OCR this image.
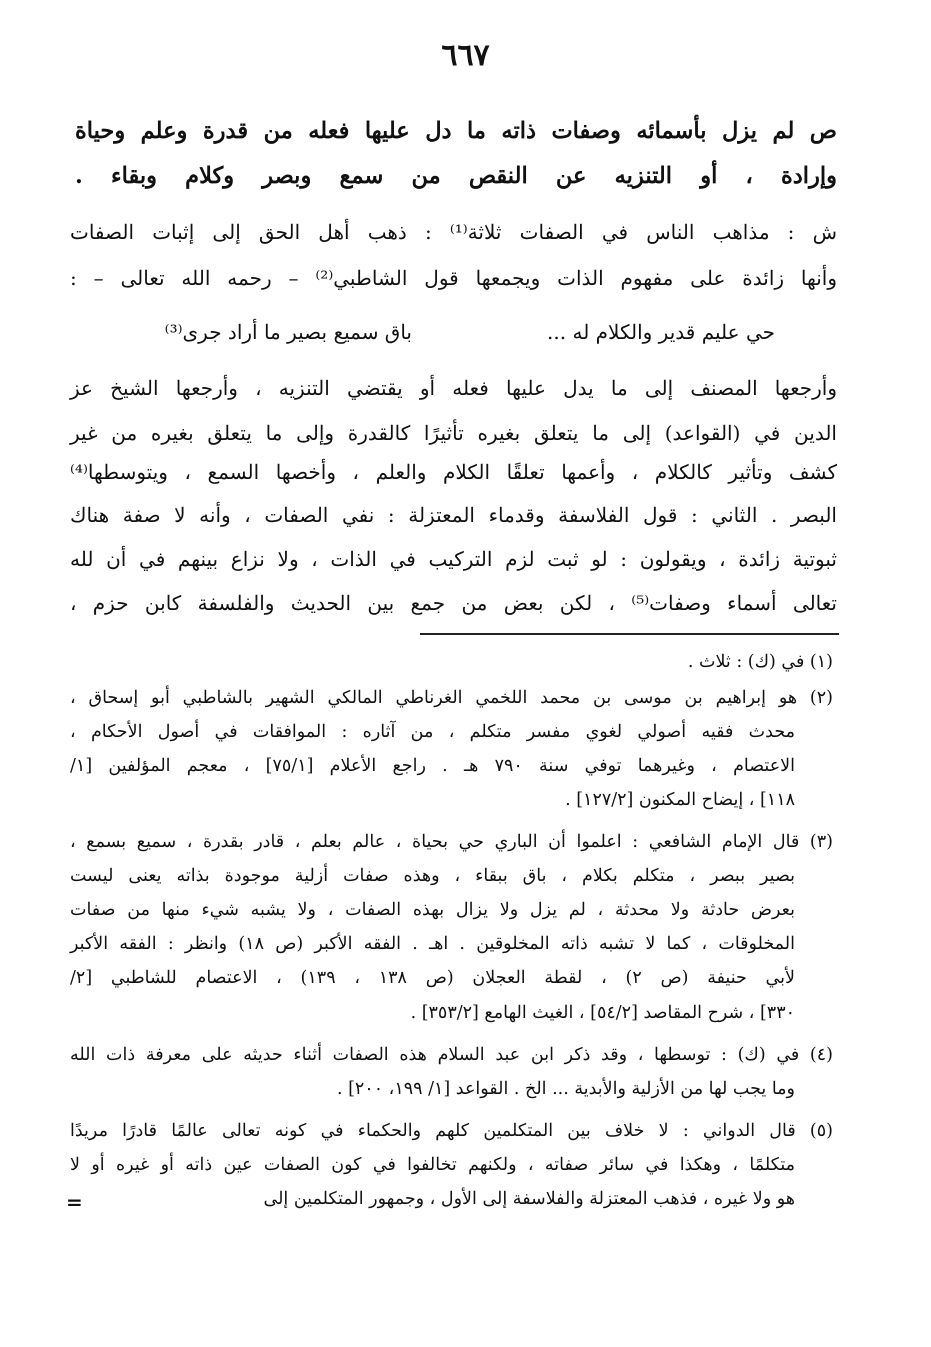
٦٦٧
ص لم يزل بأسمائه وصفات ذاته ما دل عليها فعله من قدرة وعلم وحياة
وإرادة ، أو التنزيه عن النقص من سمع وبصر وكلام وبقاء .
ش : مذاهب الناس في الصفات ثلاثة⁽¹⁾ : ذهب أهل الحق إلى إثبات الصفات
وأنها زائدة على مفهوم الذات ويجمعها قول الشاطبي⁽²⁾ – رحمه الله تعالى – :
حي عليم قدير والكلام له ...
باق سميع بصير ما أراد جرى⁽³⁾
وأرجعها المصنف إلى ما يدل عليها فعله أو يقتضي التنزيه ، وأرجعها الشيخ عز
الدين في (القواعد) إلى ما يتعلق بغيره تأثيرًا كالقدرة وإلى ما يتعلق بغيره من غير
كشف وتأثير كالكلام ، وأعمها تعلقًا الكلام والعلم ، وأخصها السمع ، ويتوسطها⁽⁴⁾
البصر . الثاني : قول الفلاسفة وقدماء المعتزلة : نفي الصفات ، وأنه لا صفة هناك
ثبوتية زائدة ، ويقولون : لو ثبت لزم التركيب في الذات ، ولا نزاع بينهم في أن لله
تعالى أسماء وصفات⁽⁵⁾ ، لكن بعض من جمع بين الحديث والفلسفة كابن حزم ،
(١) في (ك) : ثلاث .
(٢) هو إبراهيم بن موسى بن محمد اللخمي الغرناطي المالكي الشهير بالشاطبي أبو إسحاق ،
محدث فقيه أصولي لغوي مفسر متكلم ، من آثاره : الموافقات في أصول الأحكام ،
الاعتصام ، وغيرهما توفي سنة ٧٩٠ هـ . راجع الأعلام [٧٥/١] ، معجم المؤلفين [١/
١١٨] ، إيضاح المكنون [١٢٧/٢] .
(٣) قال الإمام الشافعي : اعلموا أن الباري حي بحياة ، عالم بعلم ، قادر بقدرة ، سميع بسمع ،
بصير ببصر ، متكلم بكلام ، باق ببقاء ، وهذه صفات أزلية موجودة بذاته يعنى ليست
بعرض حادثة ولا محدثة ، لم يزل ولا يزال بهذه الصفات ، ولا يشبه شيء منها من صفات
المخلوقات ، كما لا تشبه ذاته المخلوقين . اهـ . الفقه الأكبر (ص ١٨) وانظر : الفقه الأكبر
لأبي حنيفة (ص ٢) ، لقطة العجلان (ص ١٣٨ ، ١٣٩) ، الاعتصام للشاطبي [٢/
٣٣٠] ، شرح المقاصد [٥٤/٢] ، الغيث الهامع [٣٥٣/٢] .
(٤) في (ك) : توسطها ، وقد ذكر ابن عبد السلام هذه الصفات أثناء حديثه على معرفة ذات الله
وما يجب لها من الأزلية والأبدية ... الخ . القواعد [١/ ١٩٩، ٢٠٠] .
(٥) قال الدواني : لا خلاف بين المتكلمين كلهم والحكماء في كونه تعالى عالمًا قادرًا مريدًا
متكلمًا ، وهكذا في سائر صفاته ، ولكنهم تخالفوا في كون الصفات عين ذاته أو غيره أو لا
هو ولا غيره ، فذهب المعتزلة والفلاسفة إلى الأول ، وجمهور المتكلمين إلى
=
